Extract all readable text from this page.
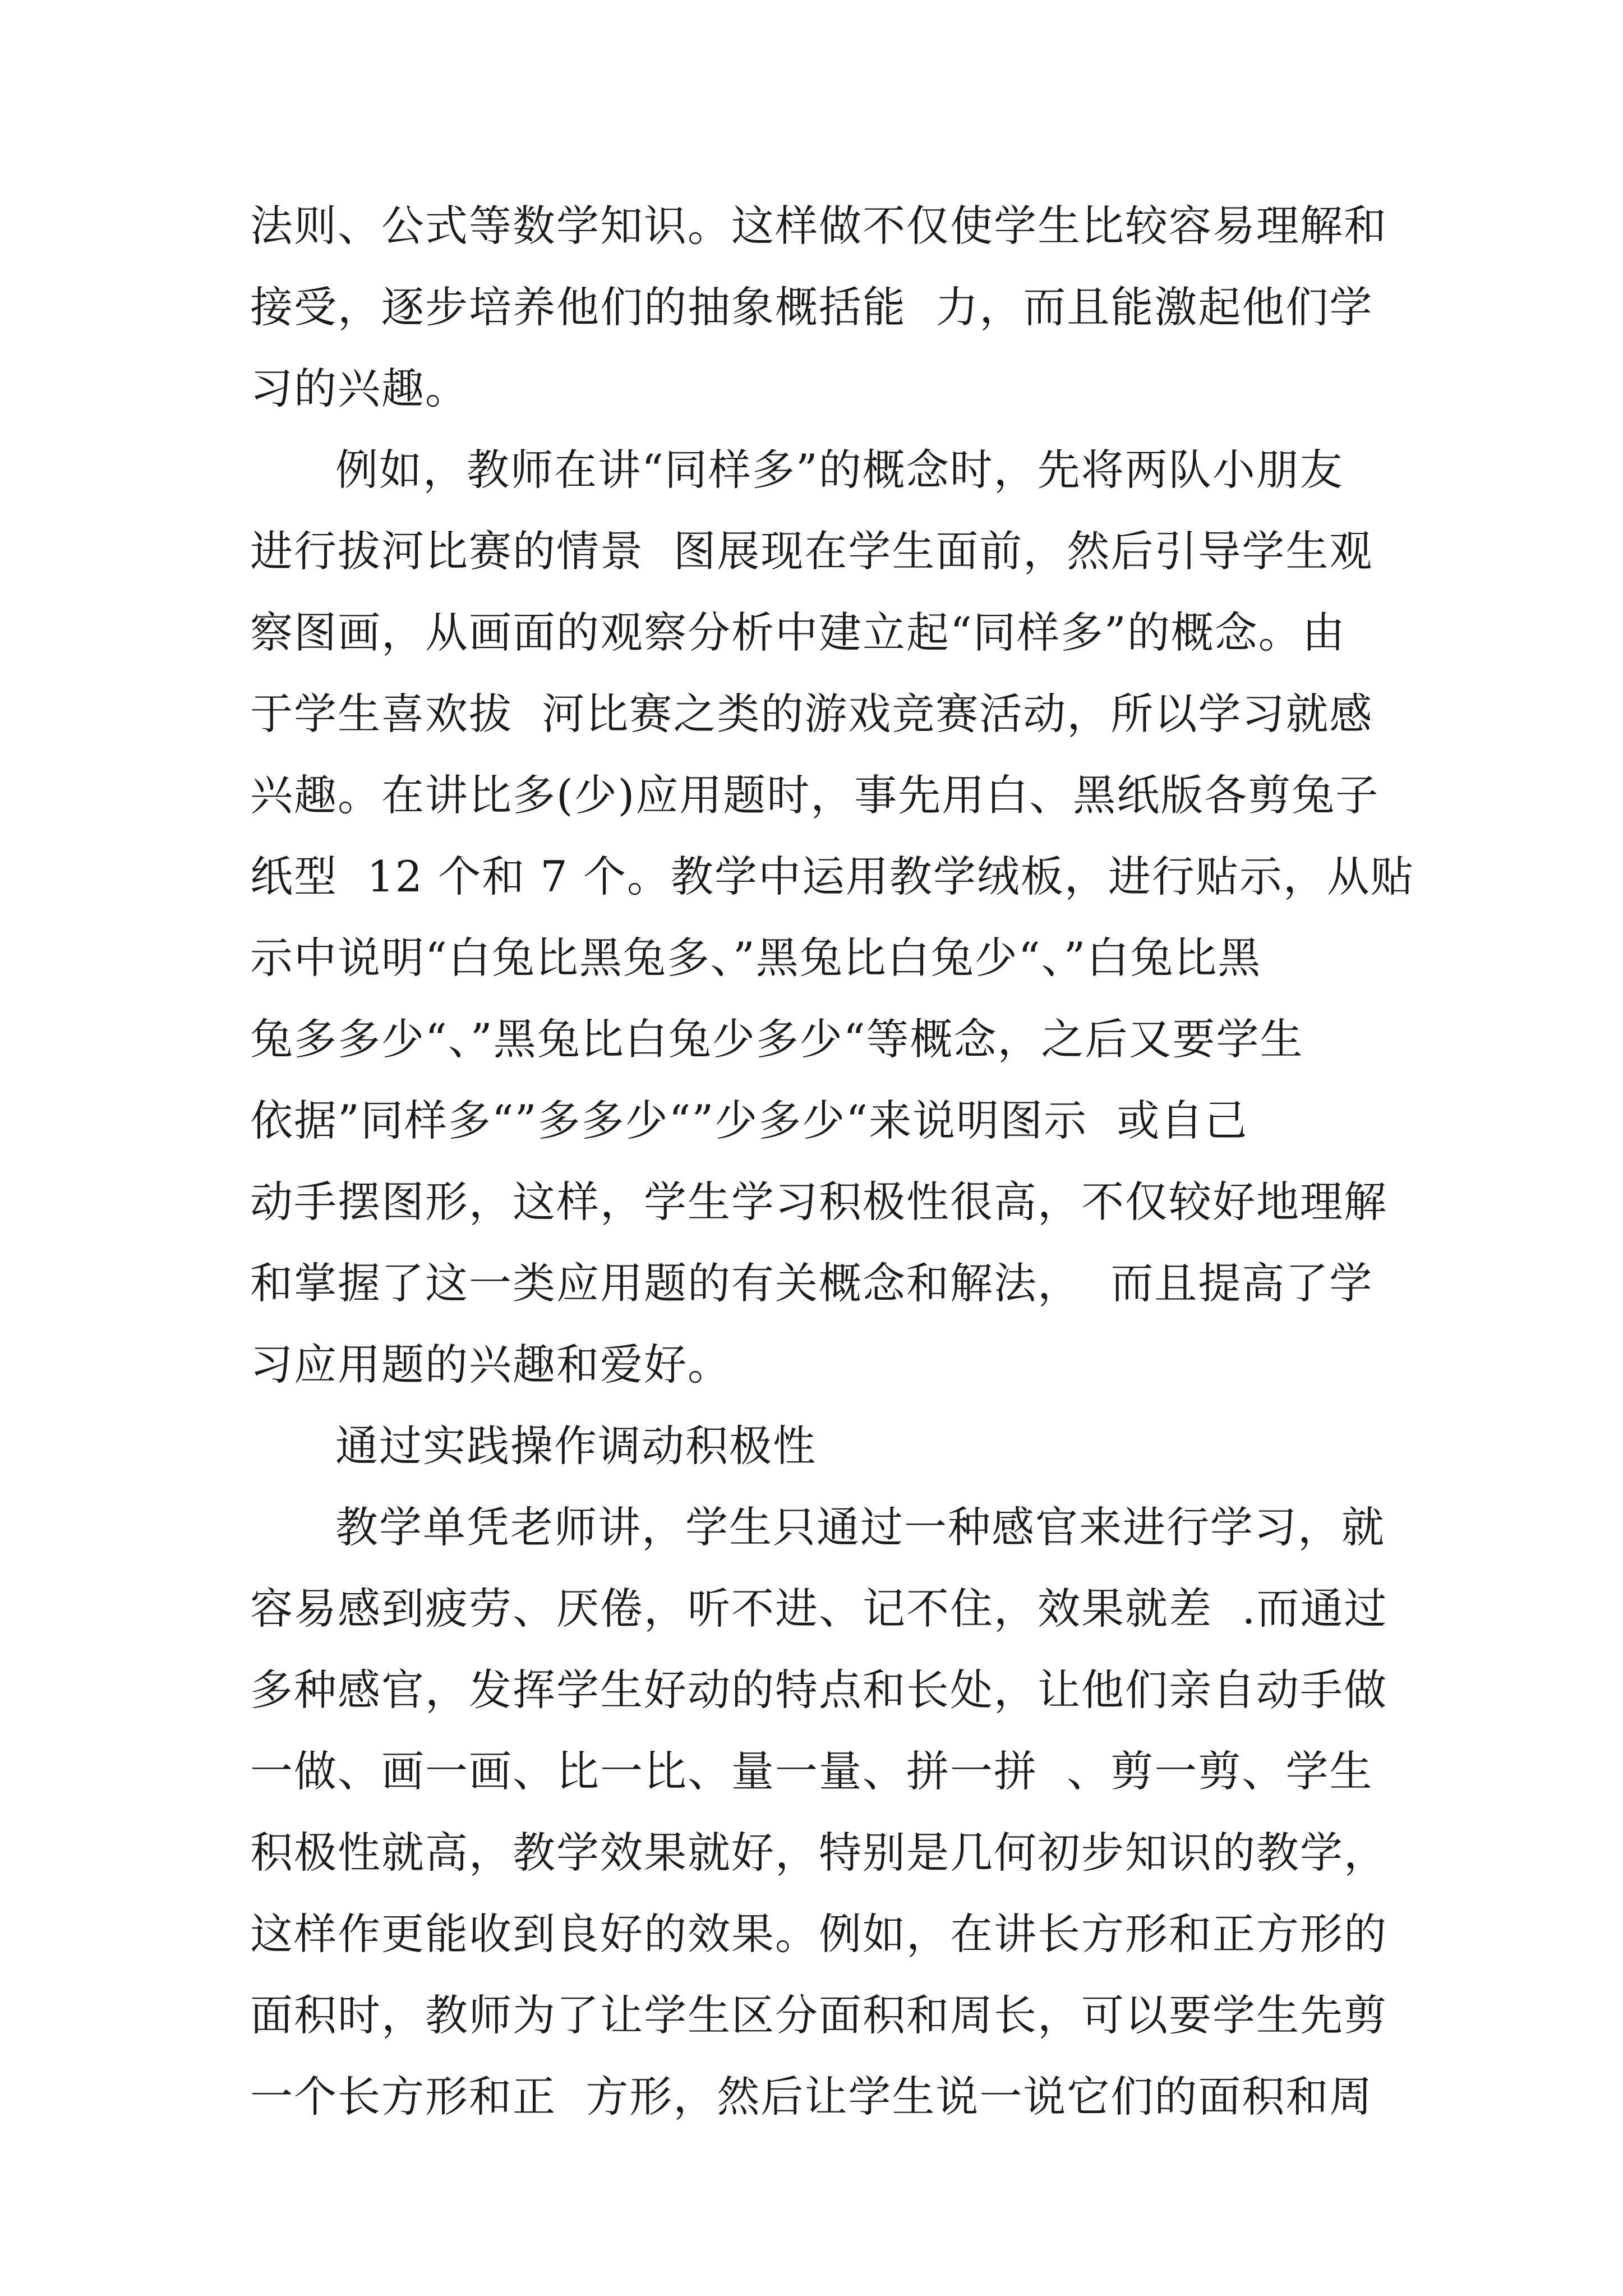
法则、公式等数学知识。这样做不仅使学生比较容易理解和
接受，逐步培养他们的抽象概括能  力，而且能激起他们学
习的兴趣。
例如，教师在讲“同样多”的概念时，先将两队小朋友
进行拔河比赛的情景  图展现在学生面前，然后引导学生观
察图画，从画面的观察分析中建立起“同样多”的概念。由
于学生喜欢拔  河比赛之类的游戏竞赛活动，所以学习就感
兴趣。在讲比多(少)应用题时，事先用白、黑纸版各剪兔子
纸型  12 个和 7 个。教学中运用教学绒板，进行贴示，从贴
示中说明“白兔比黑兔多、”黑兔比白兔少“、”白兔比黑
兔多多少“、”黑兔比白兔少多少“等概念，之后又要学生
依据”同样多“”多多少“”少多少“来说明图示  或自己
动手摆图形，这样，学生学习积极性很高，不仅较好地理解
和掌握了这一类应用题的有关概念和解法，  而且提高了学
习应用题的兴趣和爱好。
通过实践操作调动积极性
教学单凭老师讲，学生只通过一种感官来进行学习，就
容易感到疲劳、厌倦，听不进、记不住，效果就差  .而通过
多种感官，发挥学生好动的特点和长处，让他们亲自动手做
一做、画一画、比一比、量一量、拼一拼  、剪一剪、学生
积极性就高，教学效果就好，特别是几何初步知识的教学，
这样作更能收到良好的效果。例如，在讲长方形和正方形的
面积时，教师为了让学生区分面积和周长，可以要学生先剪
一个长方形和正  方形，然后让学生说一说它们的面积和周
